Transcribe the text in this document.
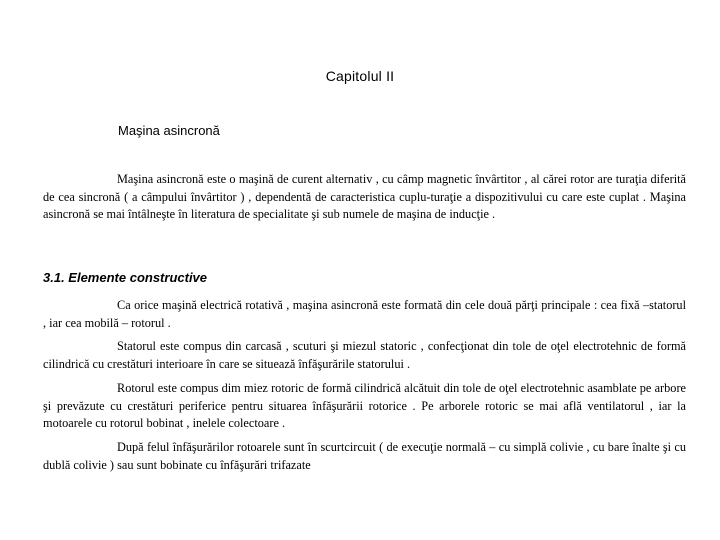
Capitolul II
Maşina asincronă

Maşina asincronă este o maşină de curent alternativ , cu câmp magnetic învârtitor , al cărei rotor are turaţia diferită de cea sincronă ( a câmpului învârtitor ) , dependentă de caracteristica cuplu-turaţie a dispozitivului cu care este cuplat . Maşina asincronă se mai întâlneşte în literatura de specialitate şi sub numele de maşina de inducţie .

3.1. Elemente constructive

Ca orice maşină electrică rotativă , maşina asincronă este formată din cele două părţi principale : cea fixă –statorul , iar cea mobilă – rotorul .

Statorul este compus din carcasă , scuturi şi miezul statoric , confecţionat din tole de oţel electrotehnic de formă cilindrică cu crestături interioare în care se situează înfăşurările statorului .

Rotorul este compus dim miez rotoric de formă cilindrică alcătuit din tole de oţel electrotehnic asamblate pe arbore şi prevăzute cu crestături periferice pentru situarea înfăşurării rotorice . Pe arborele rotoric se mai află ventilatorul , iar la motoarele cu rotorul bobinat , inelele colectoare .

După felul înfăşurărilor rotoarele sunt în scurtcircuit ( de execuţie normală – cu simplă colivie , cu bare înalte şi cu dublă colivie ) sau sunt bobinate cu înfăşurări trifazate
